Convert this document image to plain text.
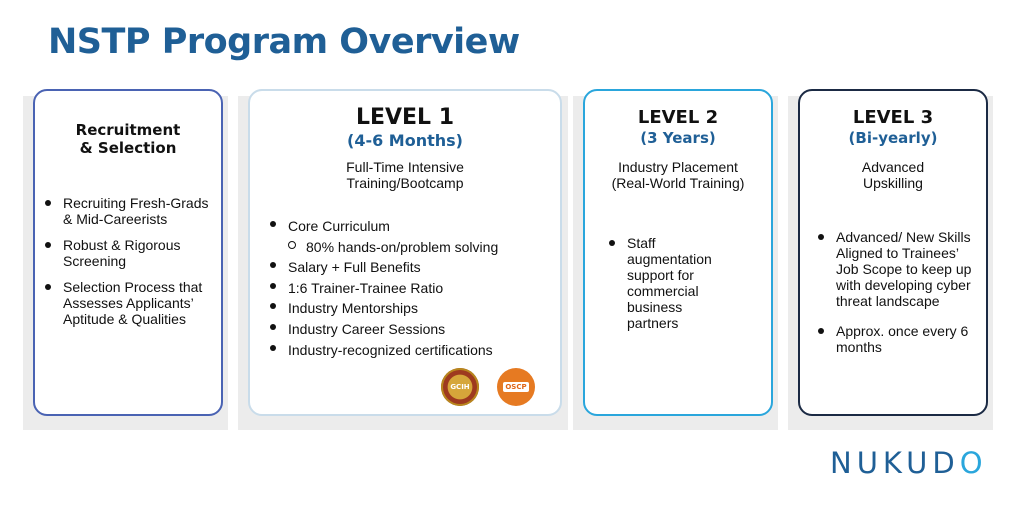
NSTP Program Overview
Recruitment
& Selection
Recruiting Fresh-Grads & Mid-Careerists
Robust & Rigorous Screening
Selection Process that Assesses Applicants’ Aptitude & Qualities
LEVEL 1
(4-6 Months)
Full-Time Intensive
Training/Bootcamp
Core Curriculum
80% hands-on/problem solving
Salary + Full Benefits
1:6 Trainer-Trainee Ratio
Industry Mentorships
Industry Career Sessions
Industry-recognized certifications
GCIH	OSCP
LEVEL 2
(3 Years)
Industry Placement
(Real-World Training)
Staff augmentation support for commercial business partners
LEVEL 3
(Bi-yearly)
Advanced
Upskilling
Advanced/ New Skills Aligned to Trainees’ Job Scope to keep up with developing cyber threat landscape
Approx. once every 6 months
NUKUDO
